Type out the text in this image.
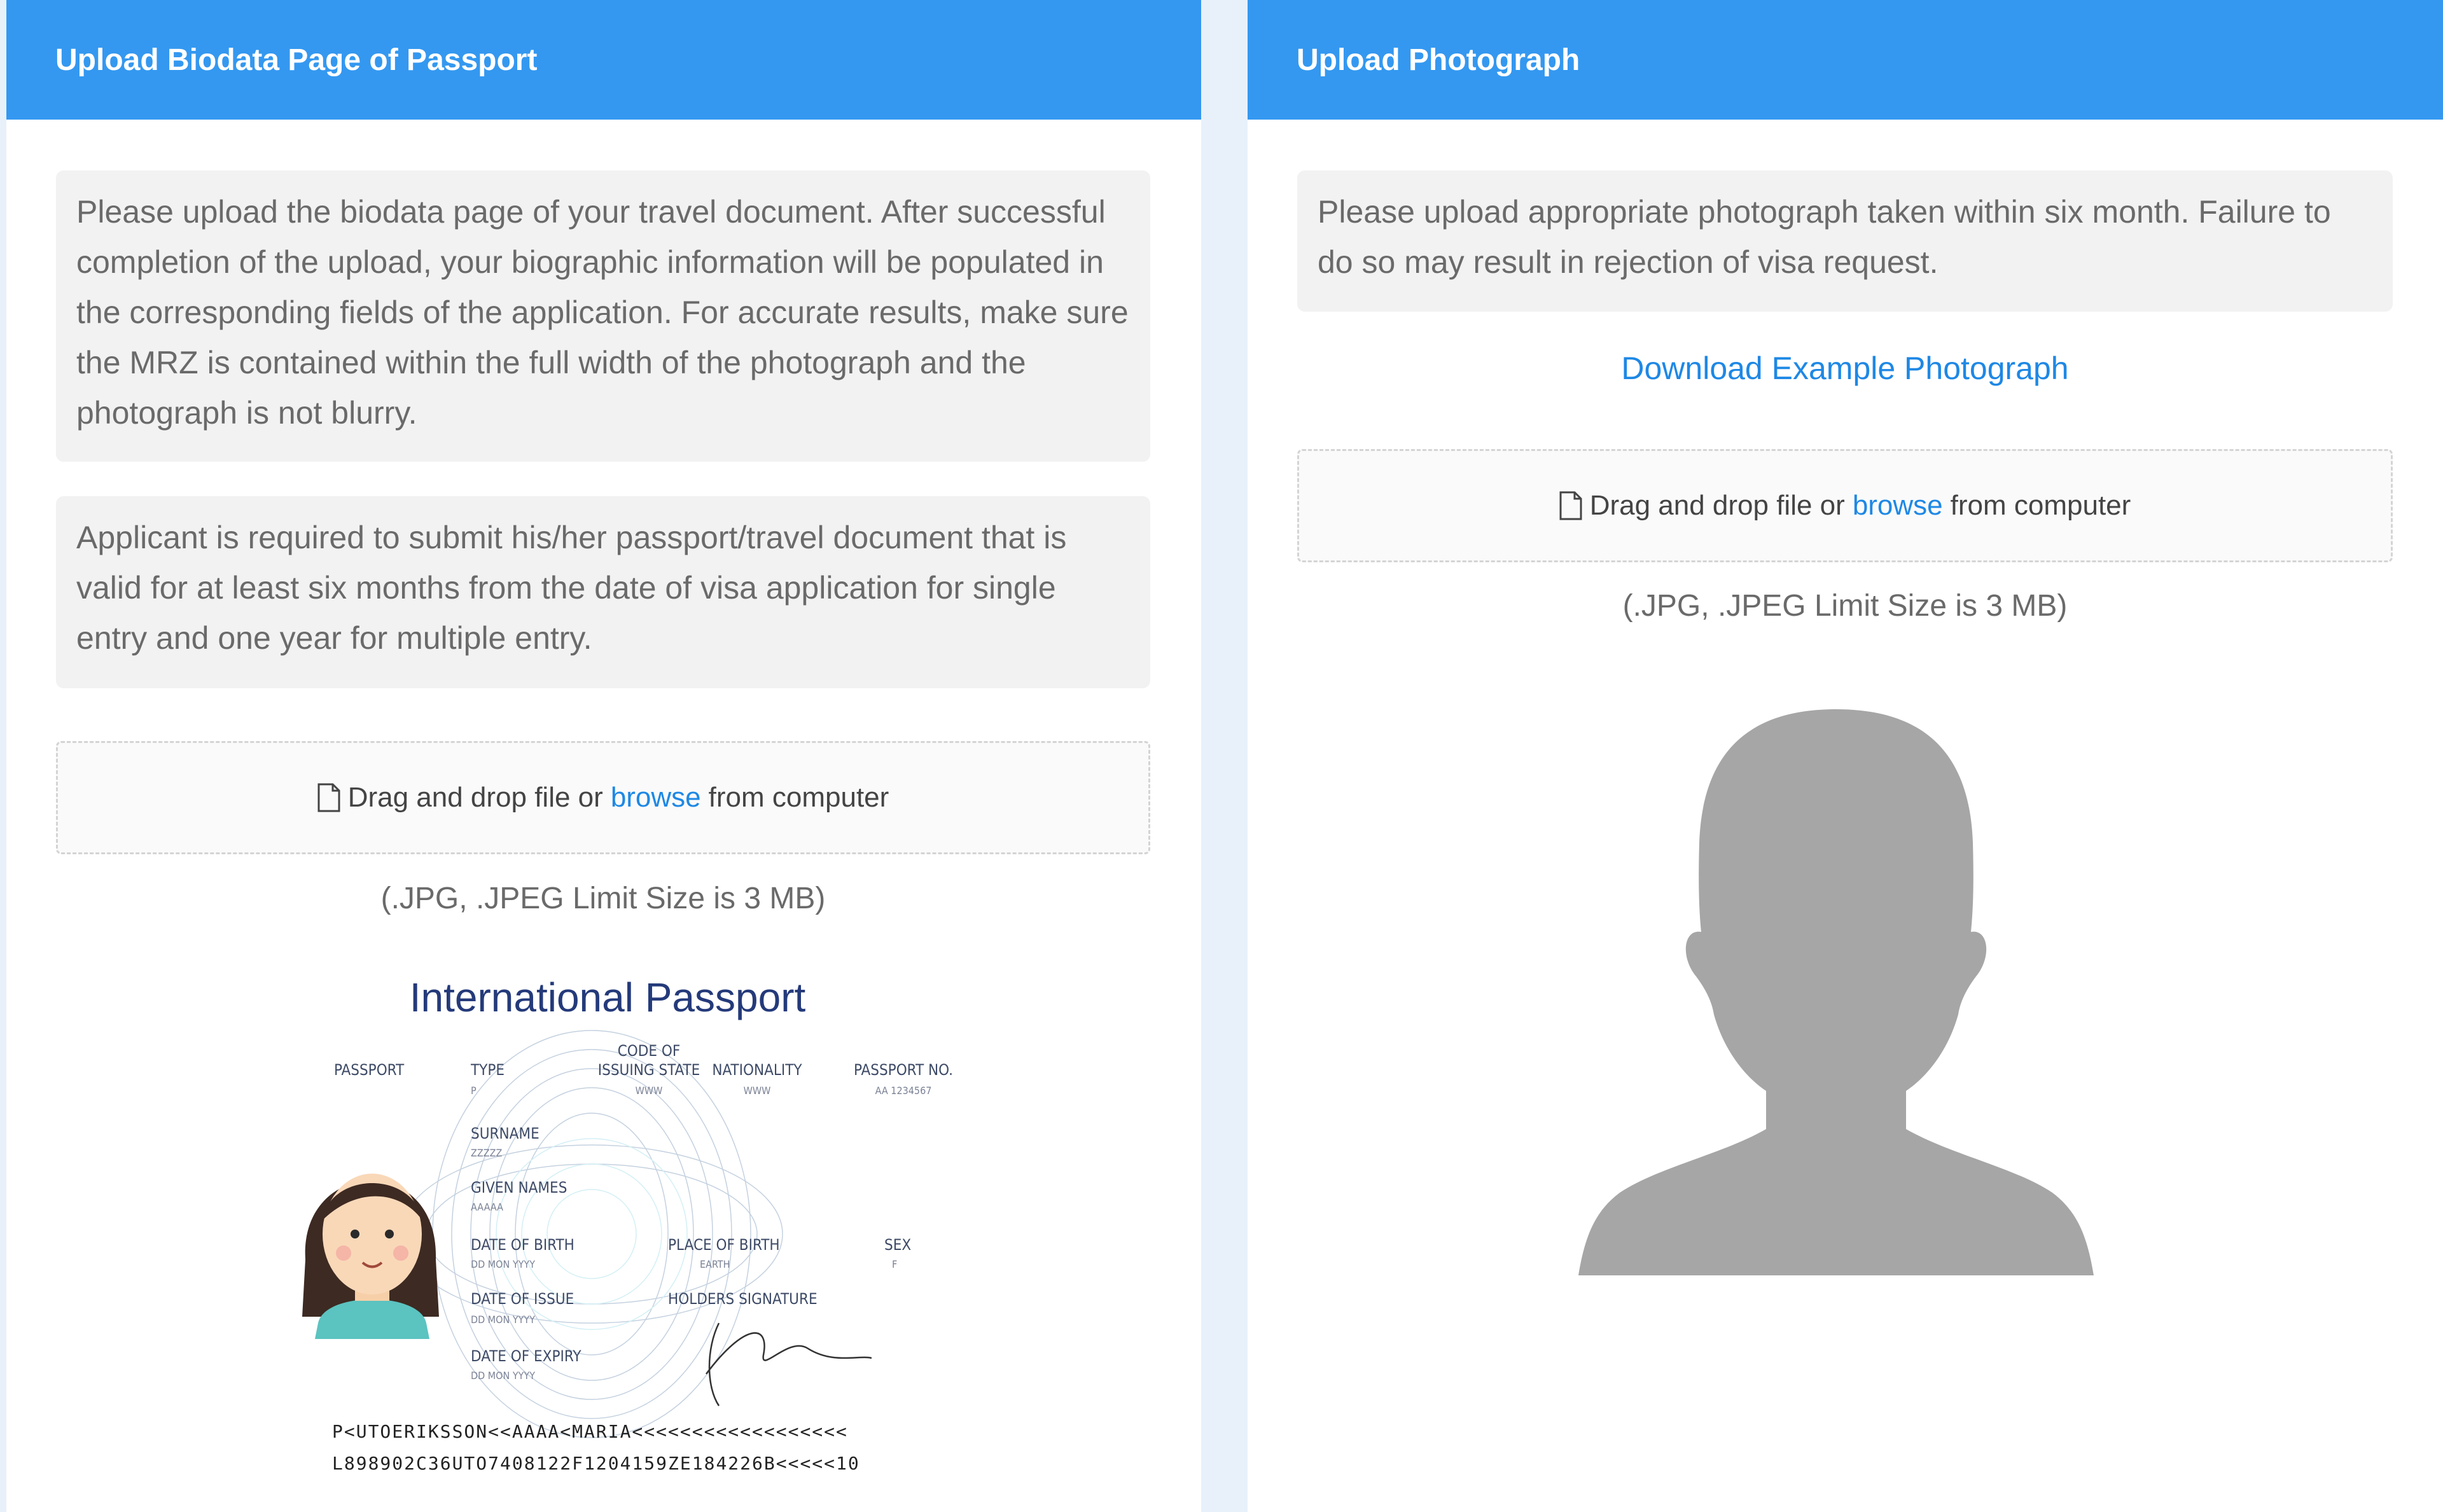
Upload Biodata Page of Passport
Please upload the biodata page of your travel document. After successful completion of the upload, your biographic information will be populated in the corresponding fields of the application. For accurate results, make sure the MRZ is contained within the full width of the photograph and the photograph is not blurry.
Applicant is required to submit his/her passport/travel document that is valid for at least six months from the date of visa application for single entry and one year for multiple entry.
Drag and drop file or browse from computer
(.JPG, .JPEG Limit Size is 3 MB)
International Passport
PASSPORT	TYPE
P
CODE OF
ISSUING STATE
WWW
NATIONALITY
WWW
PASSPORT NO.
AA 1234567
SURNAME
ZZZZZ
GIVEN NAMES
AAAAA
DATE OF BIRTH
DD MON YYYY
PLACE OF BIRTH
EARTH
SEX
F
DATE OF ISSUE
DD MON YYYY
HOLDERS SIGNATURE
DATE OF EXPIRY
DD MON YYYY
P<UTOERIKSSON<<AAAA<MARIA<<<<<<<<<<<<<<<<<<
L898902C36UTO7408122F1204159ZE184226B<<<<<10
Upload Photograph
Please upload appropriate photograph taken within six month. Failure to do so may result in rejection of visa request.
Download Example Photograph
Drag and drop file or browse from computer
(.JPG, .JPEG Limit Size is 3 MB)
